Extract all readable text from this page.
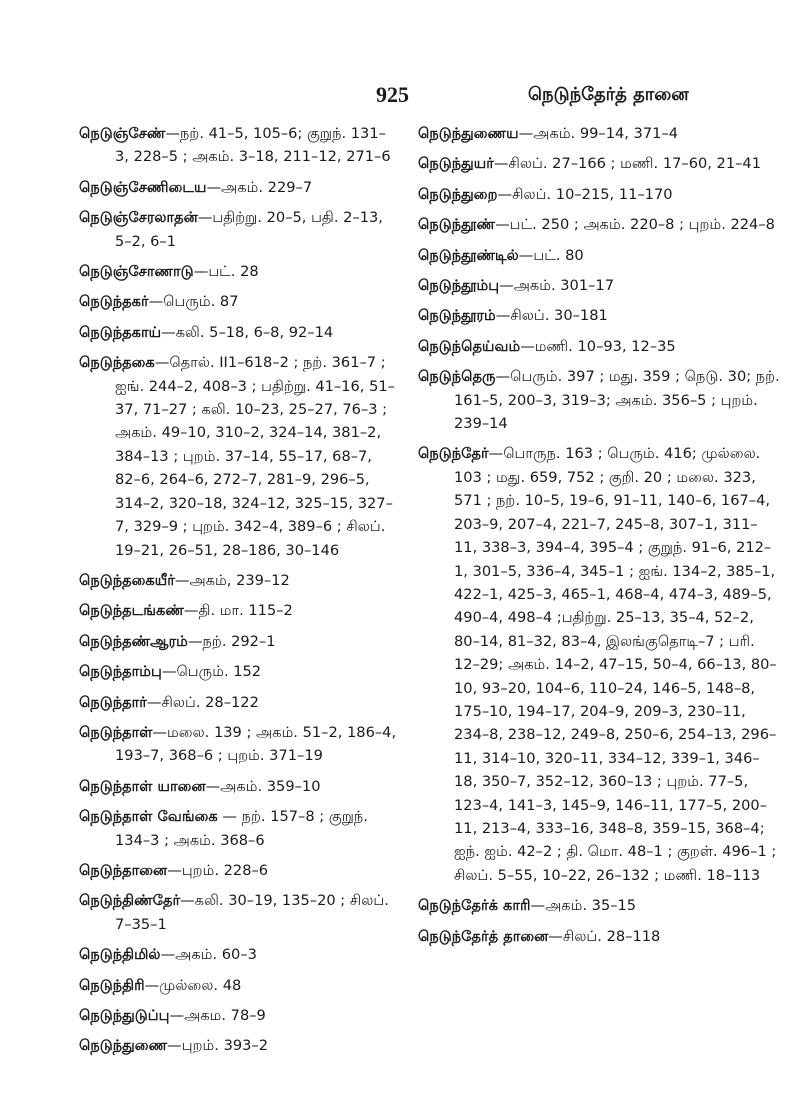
925	நெடுந்தேர்த் தானை
நெடுஞ்சேண்—நற். 41–5, 105–6; குறுந். 131–3, 228–5 ; அகம். 3–18, 211–12, 271–6
நெடுஞ்சேணிடைய—அகம். 229–7
நெடுஞ்சேரலாதன்—பதிற்று. 20–5, பதி. 2–13, 5–2, 6–1
நெடுஞ்சோணாடு—பட். 28
நெடுந்தகர்—பெரும். 87
நெடுந்தகாய்—கலி. 5–18, 6–8, 92–14
நெடுந்தகை—தொல். II1–618–2 ; நற். 361–7 ; ஐங். 244–2, 408–3 ; பதிற்று. 41–16, 51–37, 71–27 ; கலி. 10–23, 25–27, 76–3 ; அகம். 49–10, 310–2, 324–14, 381–2, 384–13 ; புறம். 37–14, 55–17, 68–7, 82–6, 264–6, 272–7, 281–9, 296–5, 314–2, 320–18, 324–12, 325–15, 327–7, 329–9 ; புறம். 342–4, 389–6 ; சிலப். 19–21, 26–51, 28–186, 30–146
நெடுந்தகையீர்—அகம், 239–12
நெடுந்தடங்கண்—தி. மா. 115–2
நெடுந்தண்ஆரம்—நற். 292–1
நெடுந்தாம்பு—பெரும். 152
நெடுந்தார்—சிலப். 28–122
நெடுந்தாள்—மலை. 139 ; அகம். 51–2, 186–4, 193–7, 368–6 ; புறம். 371–19
நெடுந்தாள் யானை—அகம். 359–10
நெடுந்தாள் வேங்கை — நற். 157–8 ; குறுந். 134–3 ; அகம். 368–6
நெடுந்தானை—புறம். 228–6
நெடுந்திண்தேர்—கலி. 30–19, 135–20 ; சிலப். 7–35–1
நெடுந்திமில்—அகம். 60–3
நெடுந்திரி—முல்லை. 48
நெடுந்துடுப்பு—அகம. 78–9
நெடுந்துணை—புறம். 393–2
நெடுந்துணைய—அகம். 99–14, 371–4
நெடுந்துயர்—சிலப். 27–166 ; மணி. 17–60, 21–41
நெடுந்துறை—சிலப். 10–215, 11–170
நெடுந்தூண்—பட். 250 ; அகம். 220–8 ; புறம். 224–8
நெடுந்தூண்டில்—பட். 80
நெடுந்தூம்பு—அகம். 301–17
நெடுந்தூரம்—சிலப். 30–181
நெடுந்தெய்வம்—மணி. 10–93, 12–35
நெடுந்தெரு—பெரும். 397 ; மது. 359 ; நெடு. 30; நற். 161–5, 200–3, 319–3; அகம். 356–5 ; புறம். 239–14
நெடுந்தேர்—பொருந. 163 ; பெரும். 416; முல்லை. 103 ; மது. 659, 752 ; குறி. 20 ; மலை. 323, 571 ; நற். 10–5, 19–6, 91–11, 140–6, 167–4, 203–9, 207–4, 221–7, 245–8, 307–1, 311–11, 338–3, 394–4, 395–4 ; குறுந். 91–6, 212–1, 301–5, 336–4, 345–1 ; ஐங். 134–2, 385–1, 422–1, 425–3, 465–1, 468–4, 474–3, 489–5, 490–4, 498–4 ;பதிற்று. 25–13, 35–4, 52–2, 80–14, 81–32, 83–4, இலங்குதொடி–7 ; பரி. 12–29; அகம். 14–2, 47–15, 50–4, 66–13, 80–10, 93–20, 104–6, 110–24, 146–5, 148–8, 175–10, 194–17, 204–9, 209–3, 230–11, 234–8, 238–12, 249–8, 250–6, 254–13, 296–11, 314–10, 320–11, 334–12, 339–1, 346–18, 350–7, 352–12, 360–13 ; புறம். 77–5, 123–4, 141–3, 145–9, 146–11, 177–5, 200–11, 213–4, 333–16, 348–8, 359–15, 368–4; ஐந். ஐம். 42–2 ; தி. மொ. 48–1 ; குறள். 496–1 ; சிலப். 5–55, 10–22, 26–132 ; மணி. 18–113
நெடுந்தேர்க் காரி—அகம். 35–15
நெடுந்தேர்த் தானை—சிலப். 28–118
